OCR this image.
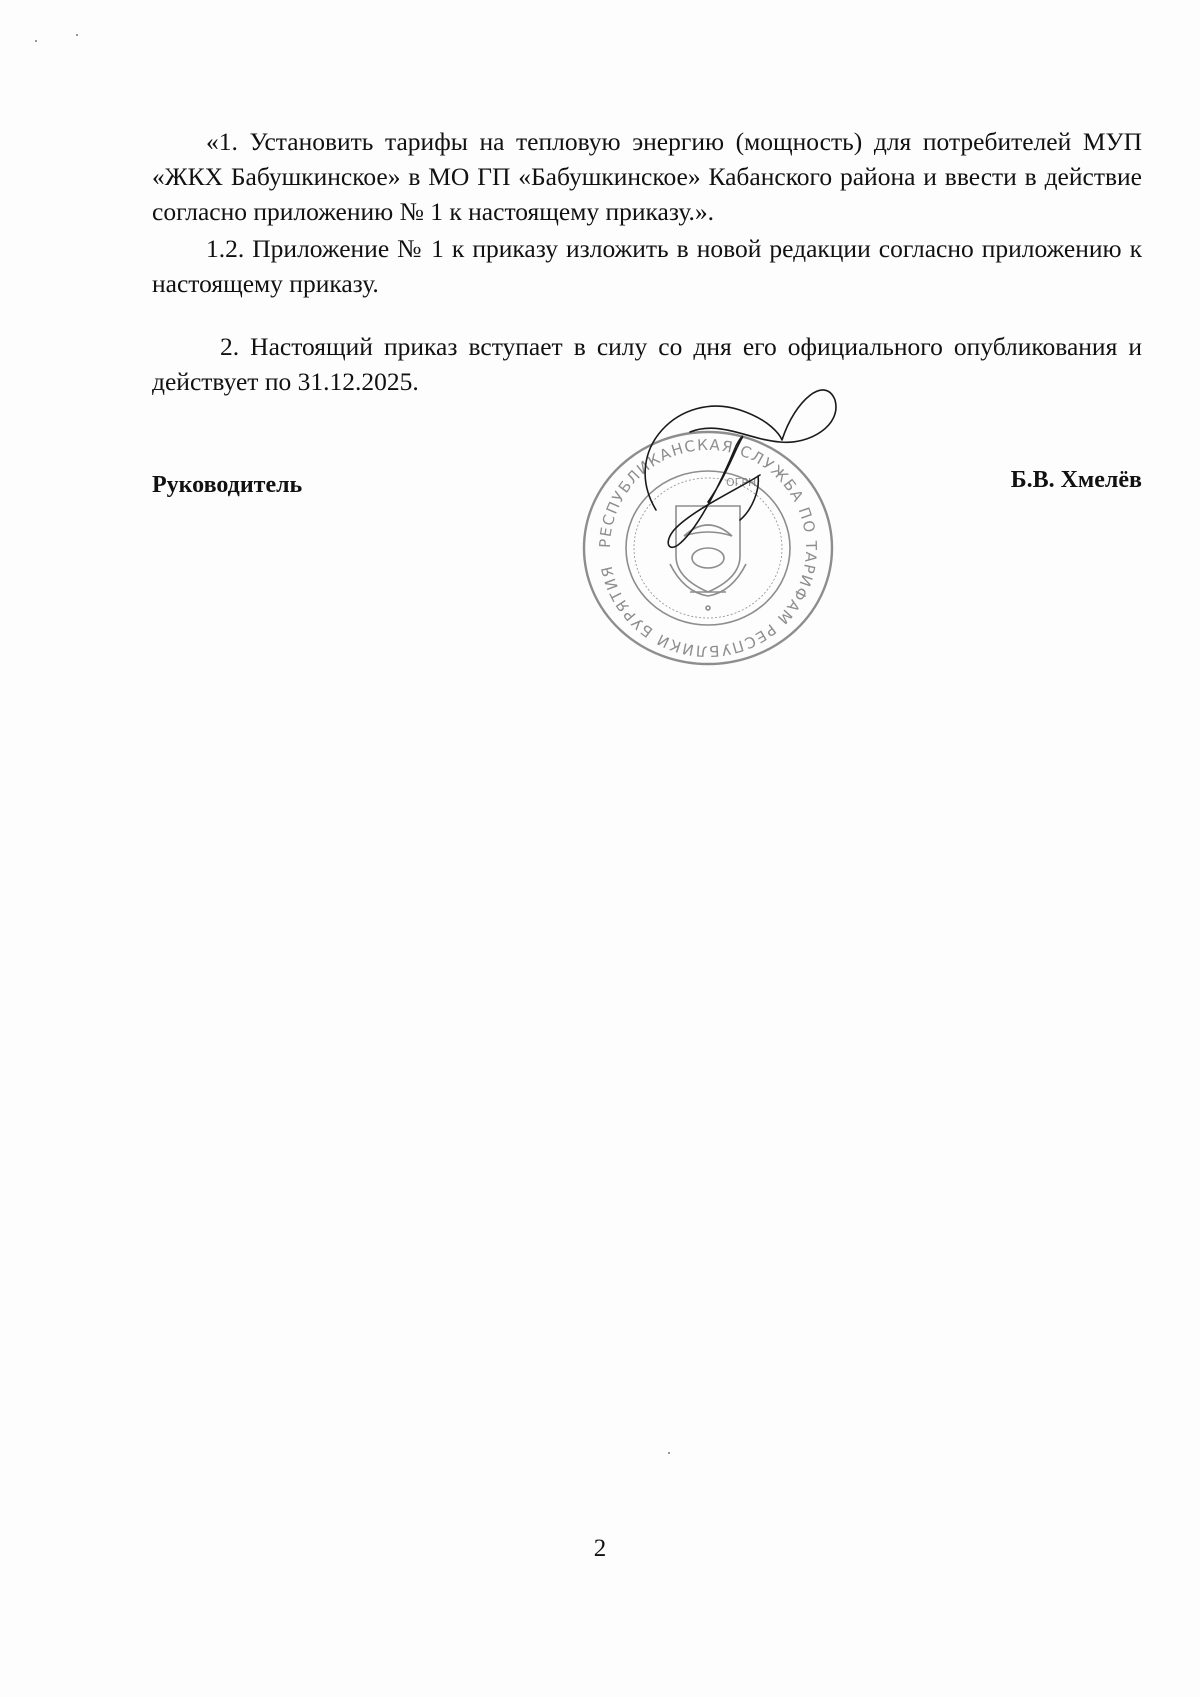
«1. Установить тарифы на тепловую энергию (мощность) для потребителей МУП «ЖКХ Бабушкинское» в МО ГП «Бабушкинское» Кабанского района и ввести в действие согласно приложению № 1 к настоящему приказу.».

1.2. Приложение № 1 к приказу изложить в новой редакции согласно приложению к настоящему приказу.

2. Настоящий приказ вступает в силу со дня его официального опубликования и действует по 31.12.2025.

Руководитель	Б.В. Хмелёв
РЕСПУБЛИКАНСКАЯ СЛУЖБА ПО ТАРИФАМ РЕСПУБЛИКИ БУРЯТИЯ
ОГРН
2
